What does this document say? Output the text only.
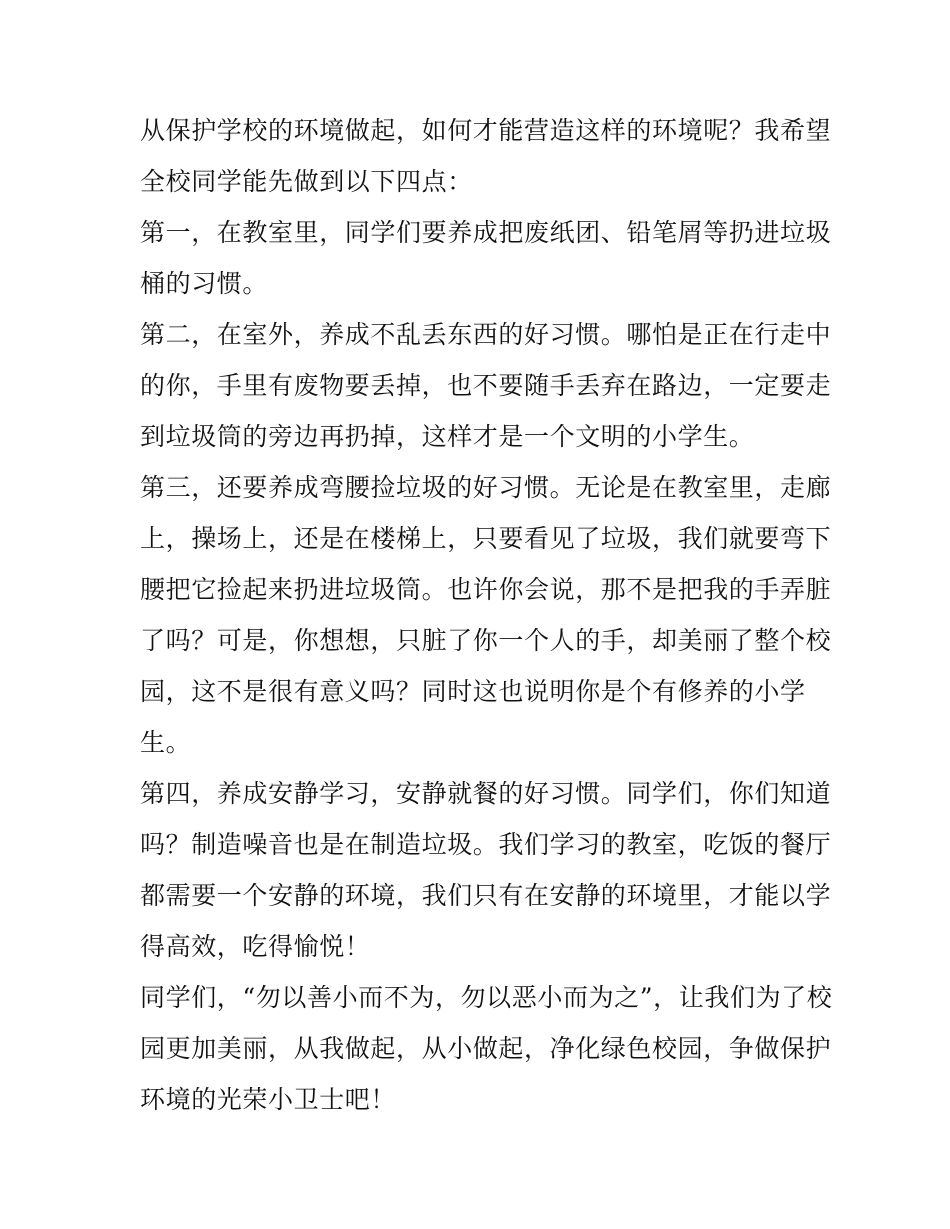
从保护学校的环境做起，如何才能营造这样的环境呢？我希望
全校同学能先做到以下四点：
第一，在教室里，同学们要养成把废纸团、铅笔屑等扔进垃圾
桶的习惯。
第二，在室外，养成不乱丢东西的好习惯。哪怕是正在行走中
的你，手里有废物要丢掉，也不要随手丢弃在路边，一定要走
到垃圾筒的旁边再扔掉，这样才是一个文明的小学生。
第三，还要养成弯腰捡垃圾的好习惯。无论是在教室里，走廊
上，操场上，还是在楼梯上，只要看见了垃圾，我们就要弯下
腰把它捡起来扔进垃圾筒。也许你会说，那不是把我的手弄脏
了吗？可是，你想想，只脏了你一个人的手，却美丽了整个校
园，这不是很有意义吗？同时这也说明你是个有修养的小学
生。
第四，养成安静学习，安静就餐的好习惯。同学们，你们知道
吗？制造噪音也是在制造垃圾。我们学习的教室，吃饭的餐厅
都需要一个安静的环境，我们只有在安静的环境里，才能以学
得高效，吃得愉悦！
同学们，“勿以善小而不为，勿以恶小而为之”，让我们为了校
园更加美丽，从我做起，从小做起，净化绿色校园，争做保护
环境的光荣小卫士吧！
